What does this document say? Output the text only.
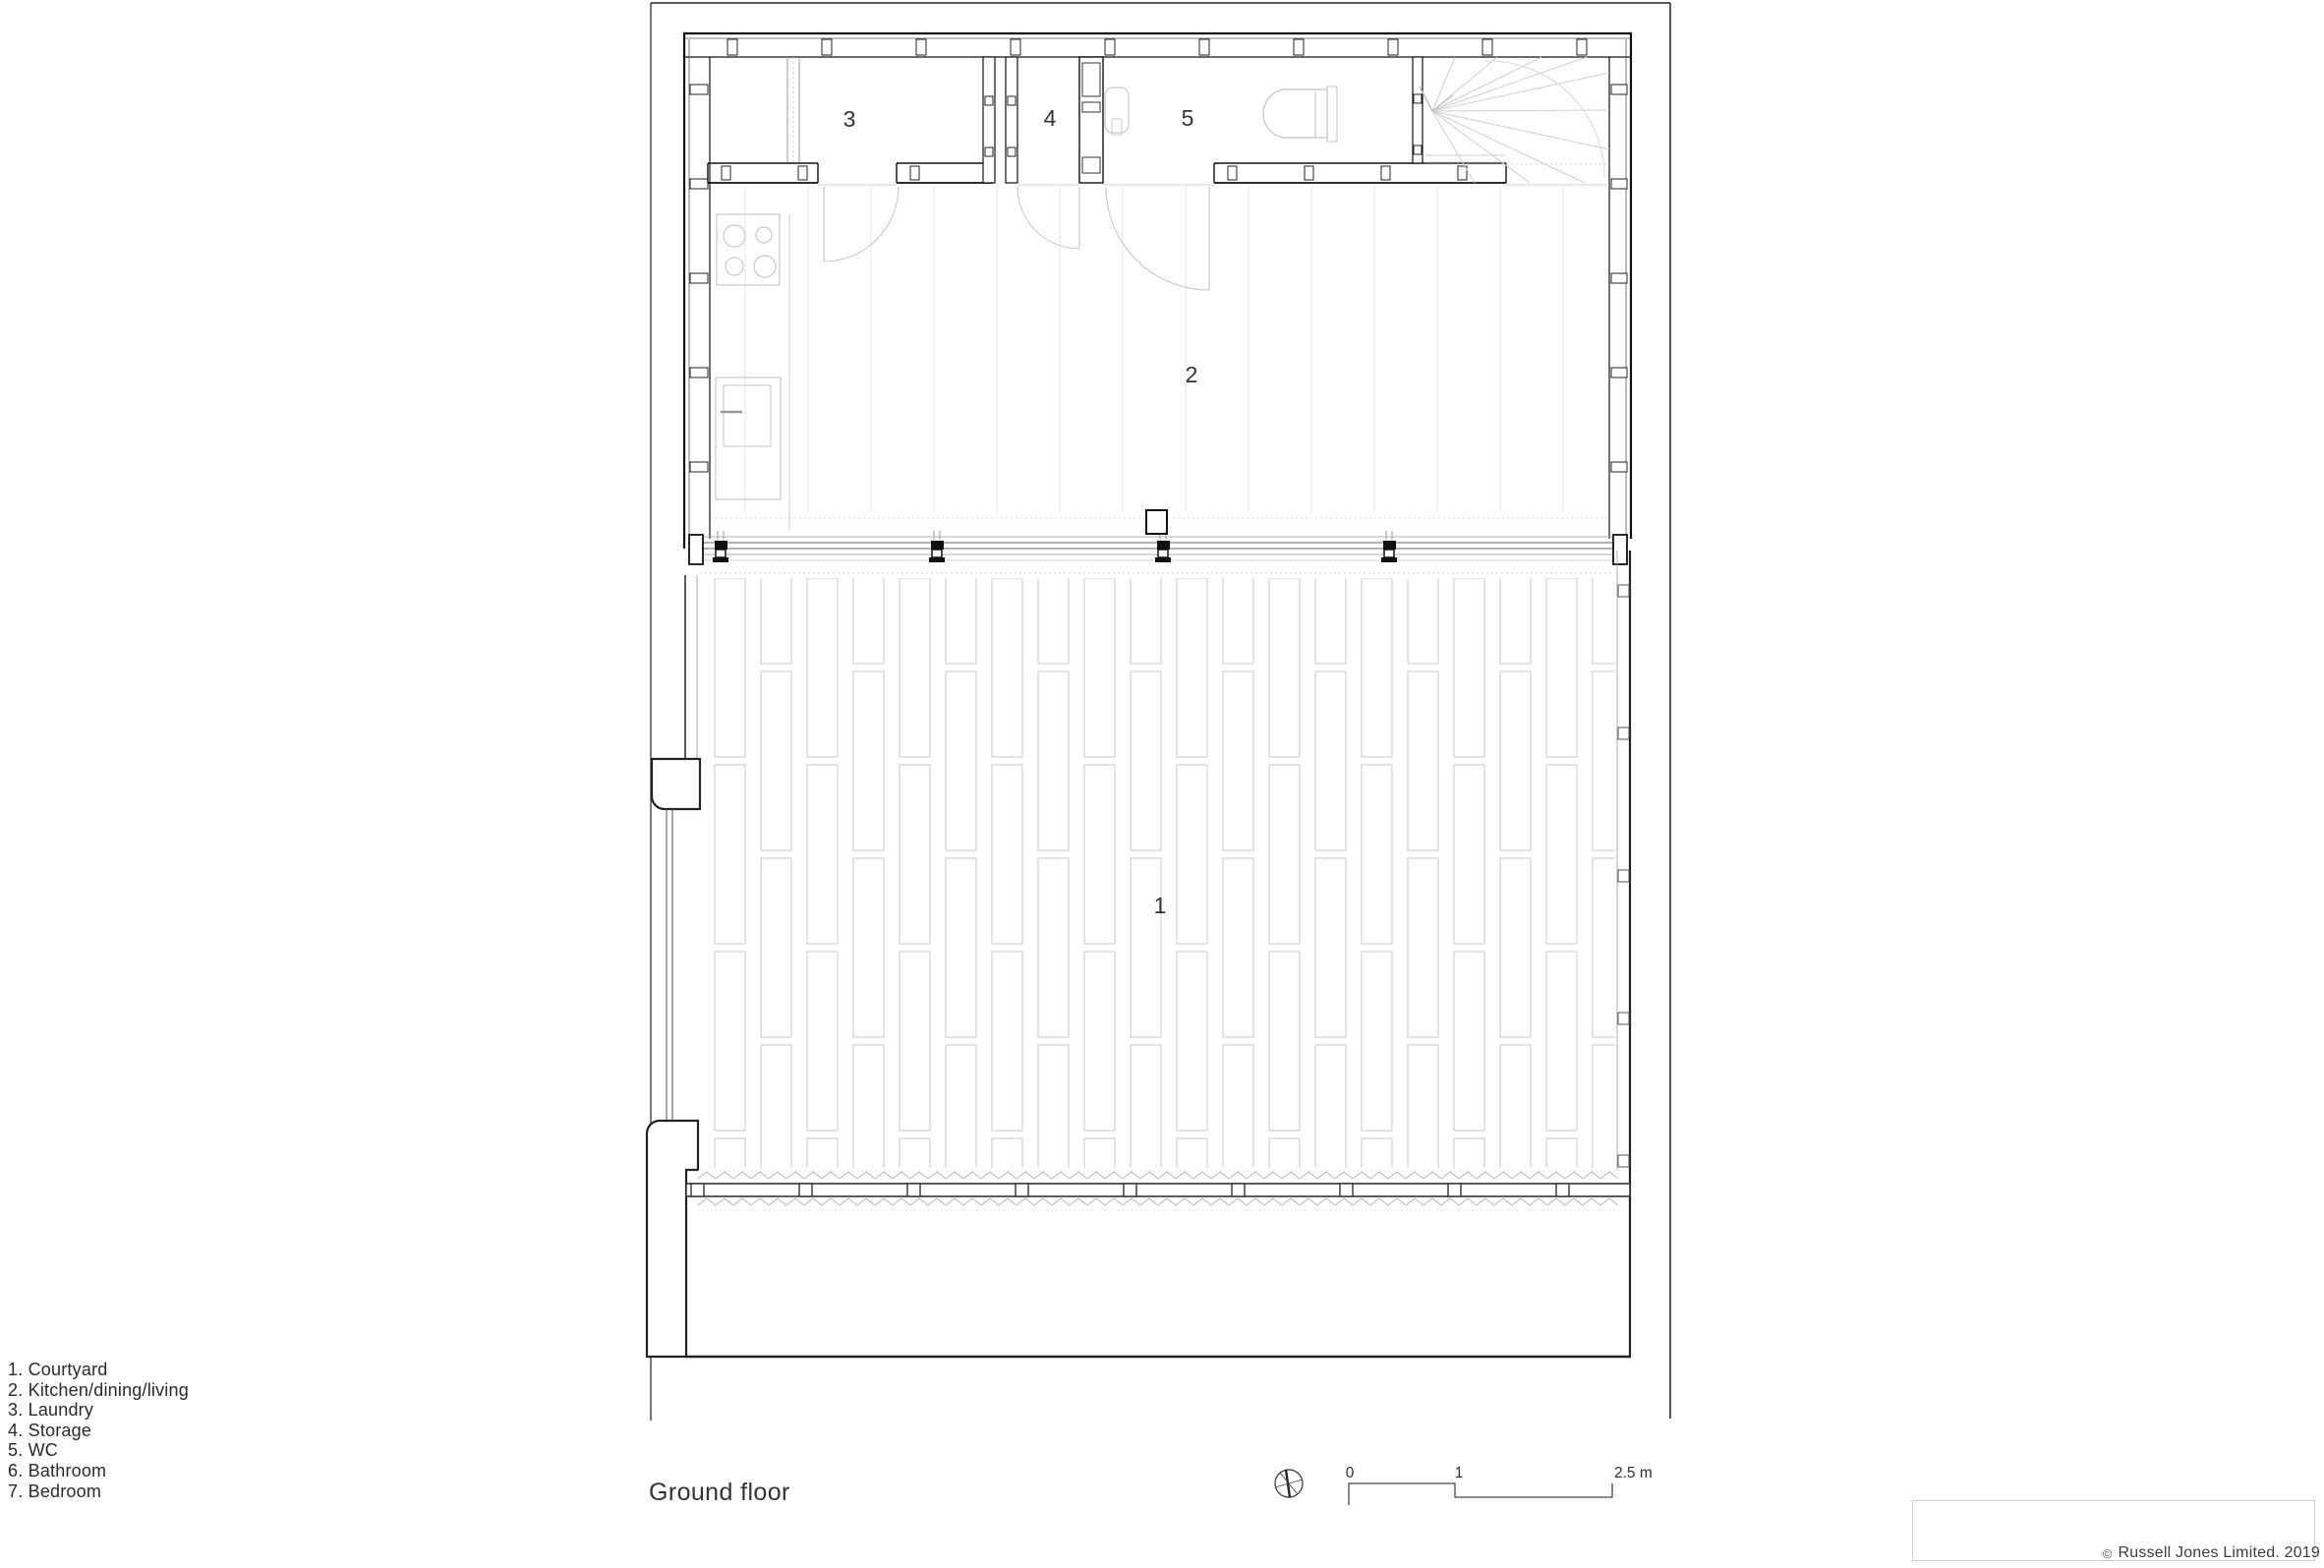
1
2
3	4	5
0	1	2.5 m
1. Courtyard
2. Kitchen/dining/living
3. Laundry
4. Storage
5. WC
6. Bathroom
7. Bedroom	Ground floor
© Russell Jones Limited. 2019
